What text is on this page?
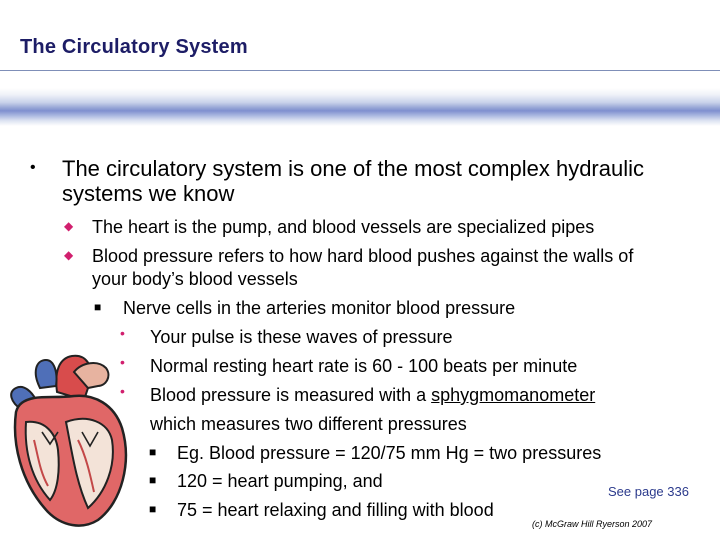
The Circulatory System
• The circulatory system is one of the most complex hydraulic
systems we know
◆ The heart is the pump, and blood vessels are specialized pipes
◆ Blood pressure refers to how hard blood pushes against the walls of
your body’s blood vessels
■ Nerve cells in the arteries monitor blood pressure
• Your pulse is these waves of pressure
• Normal resting heart rate is 60 - 100 beats per minute
• Blood pressure is measured with a sphygmomanometer
which measures two different pressures
■ Eg. Blood pressure = 120/75 mm Hg = two pressures
■ 120 = heart pumping, and
■ 75 = heart relaxing and filling with blood
See page 336
(c) McGraw Hill Ryerson 2007
